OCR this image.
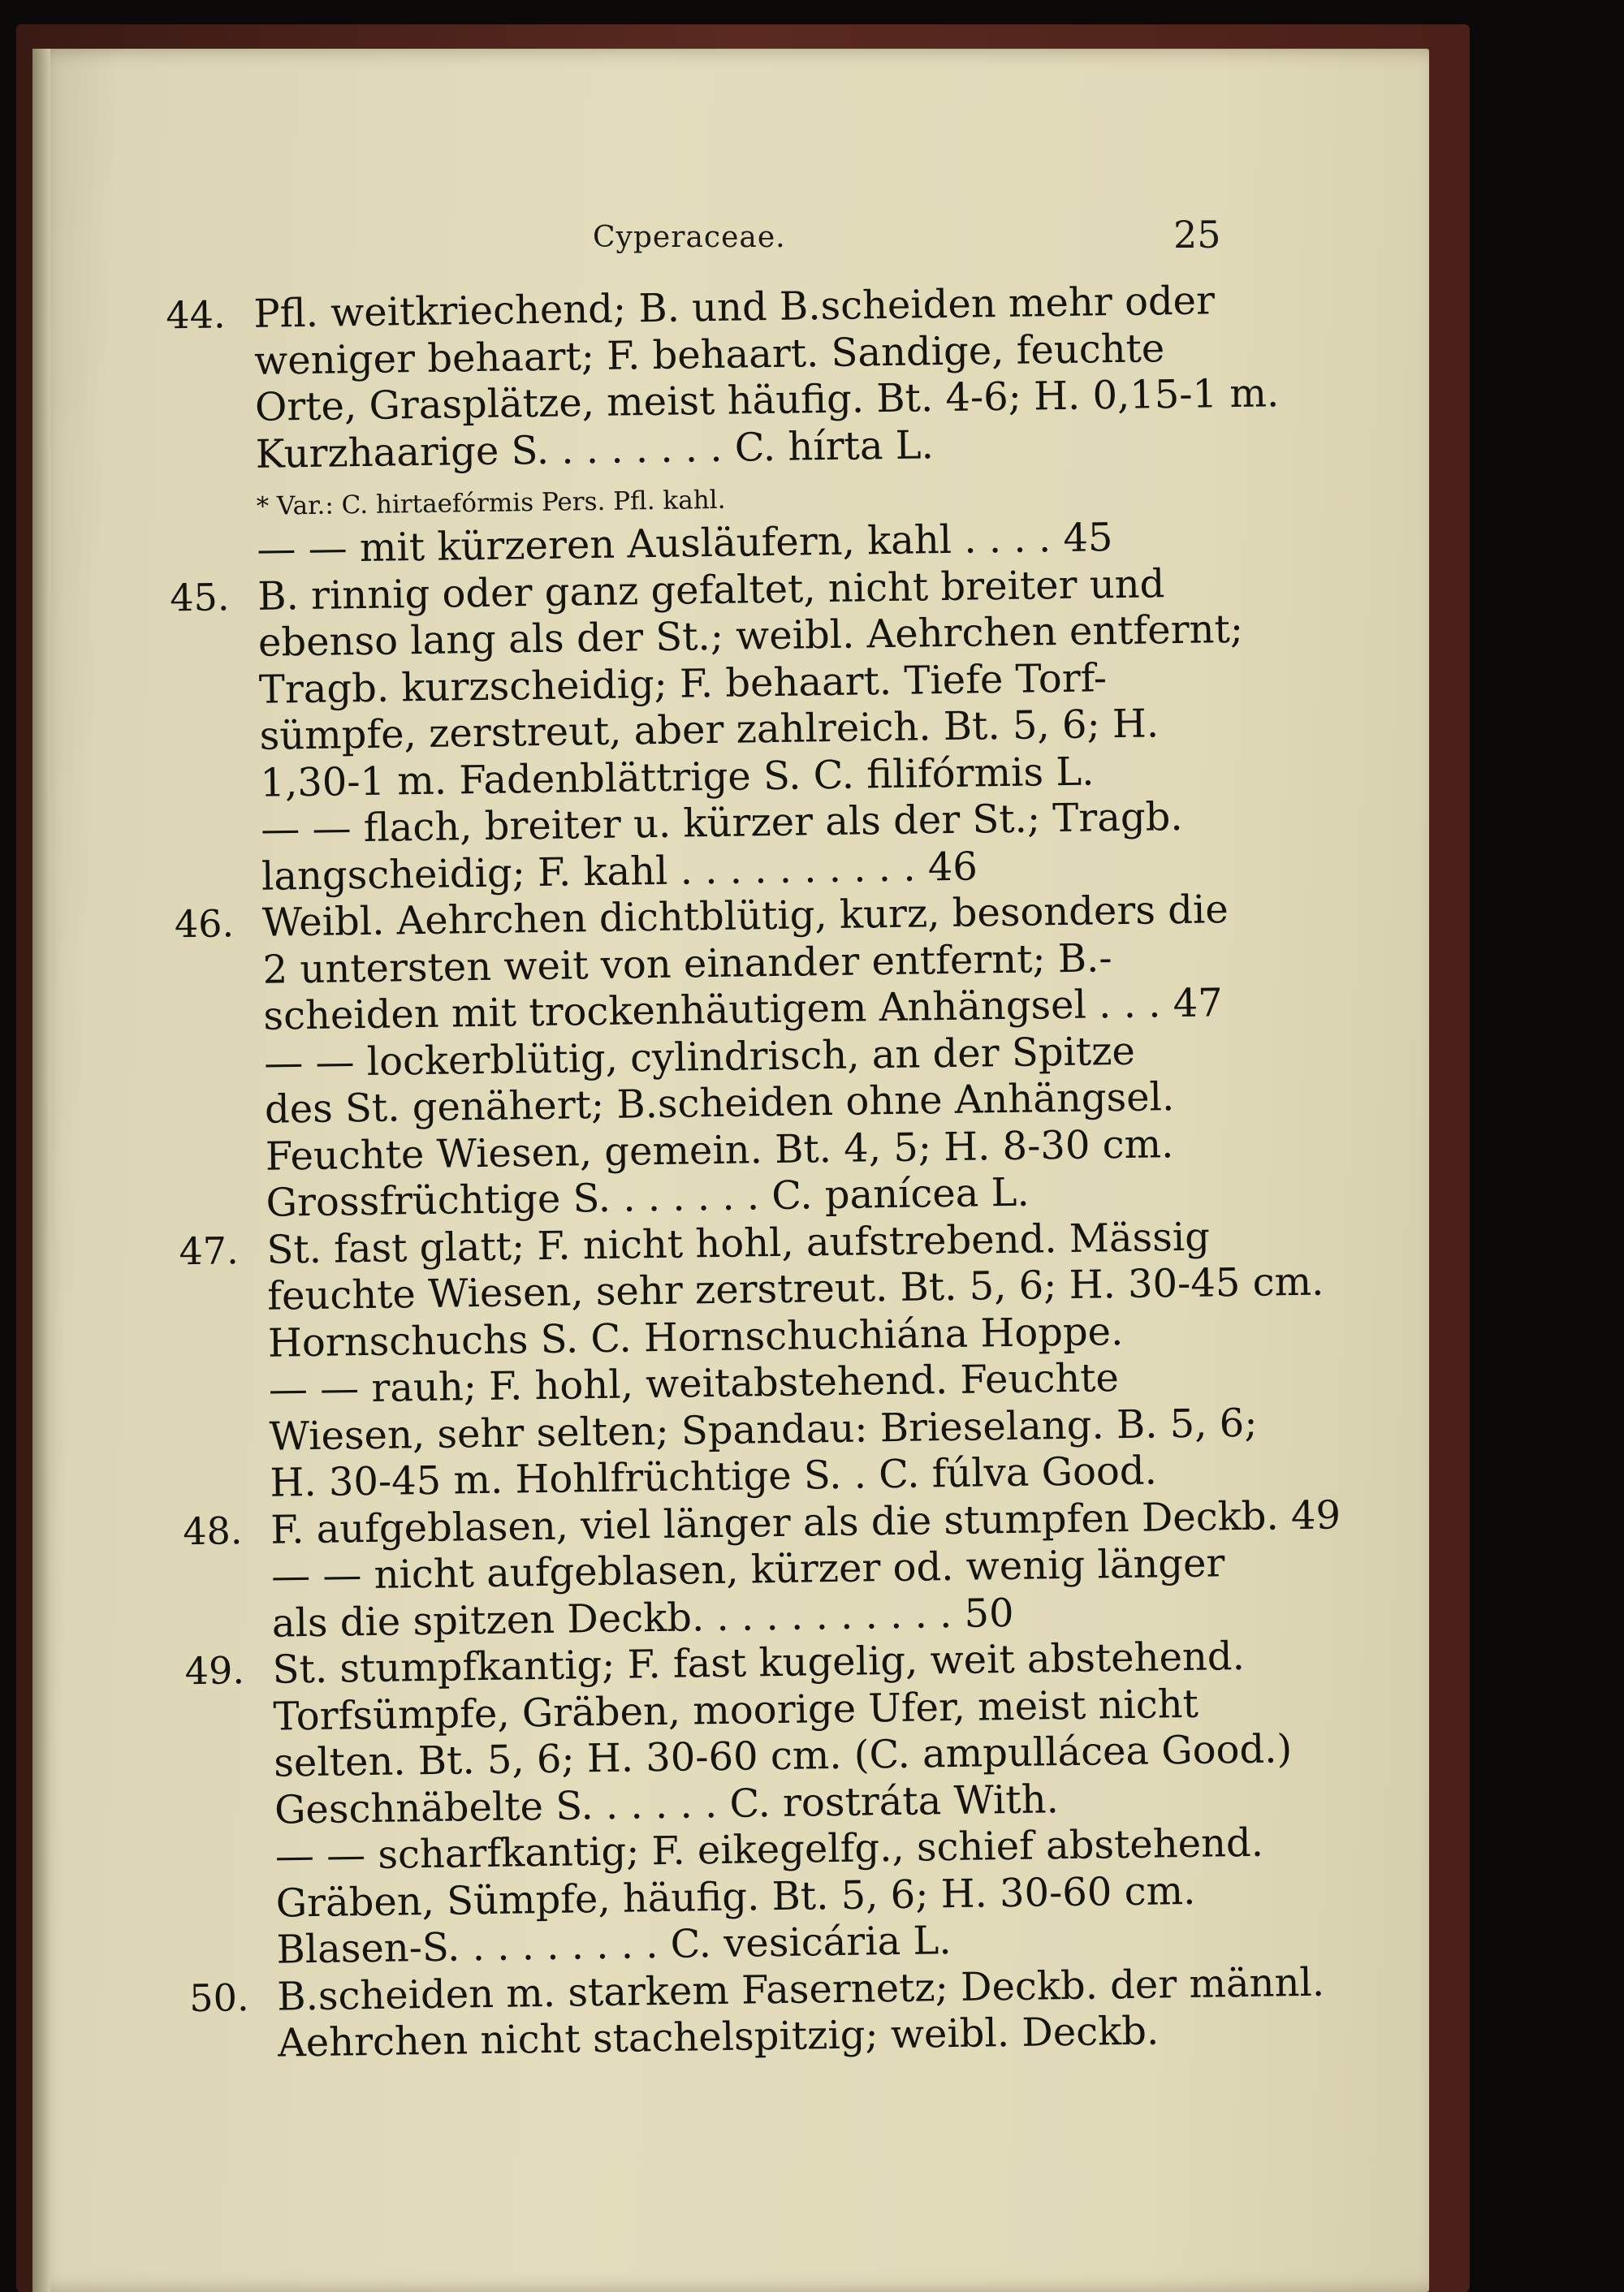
Cyperaceae.	25
44. Pfl. weitkriechend; B. und B.scheiden mehr oder
weniger behaart; F. behaart. Sandige, feuchte
Orte, Grasplätze, meist häufig. Bt. 4-6; H. 0,15-1 m.
Kurzhaarige S. . . . . . . . C. hírta L.
* Var.: C. hirtaefórmis Pers. Pfl. kahl.
— — mit kürzeren Ausläufern, kahl . . . . 45
45. B. rinnig oder ganz gefaltet, nicht breiter und
ebenso lang als der St.; weibl. Aehrchen entfernt;
Tragb. kurzscheidig; F. behaart. Tiefe Torf-
sümpfe, zerstreut, aber zahlreich. Bt. 5, 6; H.
1,30-1 m. Fadenblättrige S. C. filifórmis L.
— — flach, breiter u. kürzer als der St.; Tragb.
langscheidig; F. kahl . . . . . . . . . . 46
46. Weibl. Aehrchen dichtblütig, kurz, besonders die
2 untersten weit von einander entfernt; B.-
scheiden mit trockenhäutigem Anhängsel . . . 47
— — lockerblütig, cylindrisch, an der Spitze
des St. genähert; B.scheiden ohne Anhängsel.
Feuchte Wiesen, gemein. Bt. 4, 5; H. 8-30 cm.
Grossfrüchtige S. . . . . . . C. panícea L.
47. St. fast glatt; F. nicht hohl, aufstrebend. Mässig
feuchte Wiesen, sehr zerstreut. Bt. 5, 6; H. 30-45 cm.
Hornschuchs S. C. Hornschuchiána Hoppe.
— — rauh; F. hohl, weitabstehend. Feuchte
Wiesen, sehr selten; Spandau: Brieselang. B. 5, 6;
H. 30-45 m. Hohlfrüchtige S. . C. fúlva Good.
48. F. aufgeblasen, viel länger als die stumpfen Deckb. 49
— — nicht aufgeblasen, kürzer od. wenig länger
als die spitzen Deckb. . . . . . . . . . . 50
49. St. stumpfkantig; F. fast kugelig, weit abstehend.
Torfsümpfe, Gräben, moorige Ufer, meist nicht
selten. Bt. 5, 6; H. 30-60 cm. (C. ampullácea Good.)
Geschnäbelte S. . . . . . C. rostráta With.
— — scharfkantig; F. eikegelfg., schief abstehend.
Gräben, Sümpfe, häufig. Bt. 5, 6; H. 30-60 cm.
Blasen-S. . . . . . . . . C. vesicária L.
50. B.scheiden m. starkem Fasernetz; Deckb. der männl.
Aehrchen nicht stachelspitzig; weibl. Deckb.
